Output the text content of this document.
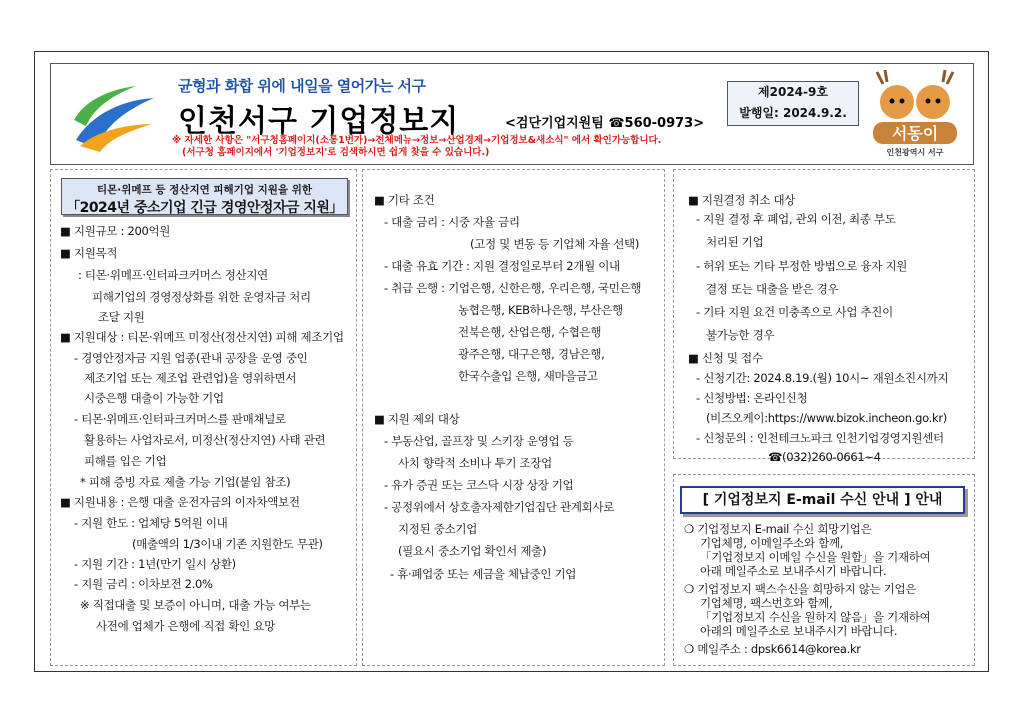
균형과 화합 위에 내일을 열어가는 서구
인천서구 기업정보지	<검단기업지원팀 ☎560-0973>
※ 자세한 사항은 "서구청홈페이지(소통1번가)→전체메뉴→정보→산업경제→기업정보&새소식" 에서 확인가능합니다.
(서구청 홈페이지에서 '기업정보지'로 검색하시면 쉽게 찾을 수 있습니다.)
제2024-9호
발행일: 2024.9.2.
서동이
인천광역시 서구
티몬·위메프 등 정산지연 피해기업 지원을 위한
「2024년 중소기업 긴급 경영안정자금 지원」
■ 지원규모 : 200억원
■ 지원목적
: 티몬·위메프·인터파크커머스 정산지연
피해기업의 경영정상화를 위한 운영자금 처리
조달 지원
■ 지원대상 : 티몬·위메프 미정산(정산지연) 피해 제조기업
- 경영안정자금 지원 업종(관내 공장을 운영 중인
제조기업 또는 제조업 관련업)을 영위하면서
시중은행 대출이 가능한 기업
- 티몬·위메프·인터파크커머스를 판매채널로
활용하는 사업자로서, 미정산(정산지연) 사태 관련
피해를 입은 기업
* 피해 증빙 자료 제출 가능 기업(붙임 참조)
■ 지원내용 : 은행 대출 운전자금의 이자차액보전
- 지원 한도 : 업체당 5억원 이내
(매출액의 1/3이내 기존 지원한도 무관)
- 지원 기간 : 1년(만기 일시 상환)
- 지원 금리 : 이차보전 2.0%
※ 직접대출 및 보증이 아니며, 대출 가능 여부는
사전에 업체가 은행에 직접 확인 요망
■ 기타 조건
- 대출 금리 : 시중 자율 금리
(고정 및 변동 등 기업체 자율 선택)
- 대출 유효 기간 : 지원 결정일로부터 2개월 이내
- 취급 은행 : 기업은행, 신한은행, 우리은행, 국민은행
농협은행, KEB하나은행, 부산은행
전북은행, 산업은행, 수협은행
광주은행, 대구은행, 경남은행,
한국수출입 은행, 새마을금고
■ 지원 제외 대상
- 부동산업, 골프장 및 스키장 운영업 등
사치 향락적 소비나 투기 조장업
- 유가 증권 또는 코스닥 시장 상장 기업
- 공정위에서 상호출자제한기업집단 관계회사로
지정된 중소기업
(필요시 중소기업 확인서 제출)
- 휴·폐업중 또는 세금을 체납중인 기업
■ 지원결정 취소 대상
- 지원 결정 후 폐업, 관외 이전, 최종 부도
처리된 기업
- 허위 또는 기타 부정한 방법으로 융자 지원
결정 또는 대출을 받은 경우
- 기타 지원 요건 미충족으로 사업 추진이
불가능한 경우
■ 신청 및 접수
- 신청기간: 2024.8.19.(월) 10시~ 재원소진시까지
- 신청방법: 온라인신청
(비즈오케이:https://www.bizok.incheon.go.kr)
- 신청문의 : 인천테크노파크 인천기업경영지원센터
☎(032)260-0661~4
[ 기업정보지 E-mail 수신 안내 ] 안내
❍ 기업정보지 E-mail 수신 희망기업은
기업체명, 이메일주소와 함께,
「기업정보지 이메일 수신을 원함」을 기재하여
아래 메일주소로 보내주시기 바랍니다.
❍ 기업정보지 팩스수신을 희망하지 않는 기업은
기업체명, 팩스번호와 함께,
「기업정보지 수신을 원하지 않음」을 기재하여
아래의 메일주소로 보내주시기 바랍니다.
❍ 메일주소 : dpsk6614@korea.kr
